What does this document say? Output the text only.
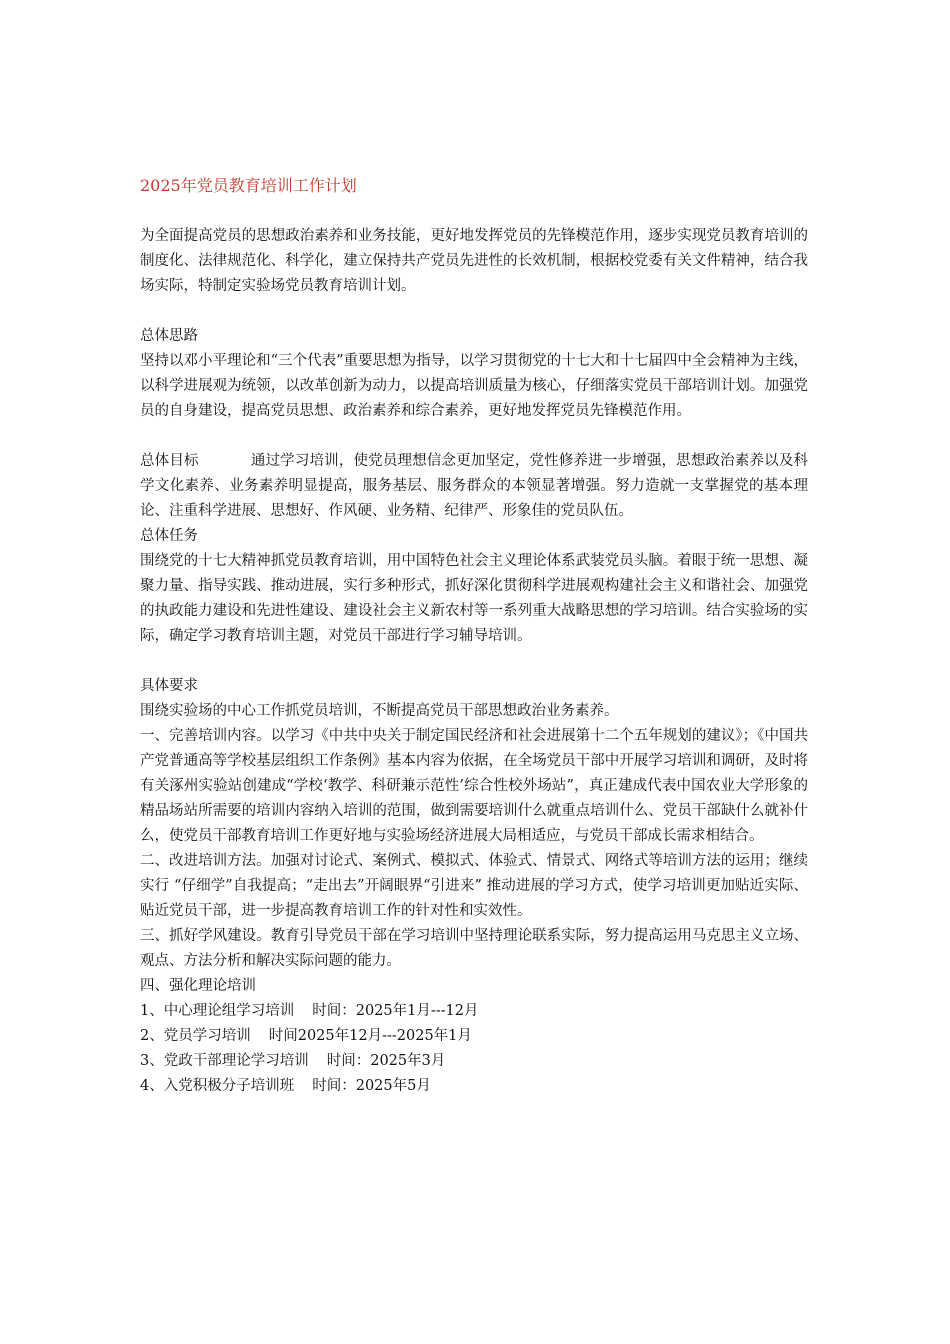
2025年党员教育培训工作计划

为全面提高党员的思想政治素养和业务技能，更好地发挥党员的先锋模范作用，逐步实现党员教育培训的制度化、法律规范化、科学化，建立保持共产党员先进性的长效机制，根据校党委有关文件精神，结合我场实际，特制定实验场党员教育培训计划。

总体思路

坚持以邓小平理论和“三个代表”重要思想为指导，以学习贯彻党的十七大和十七届四中全会精神为主线，以科学进展观为统领，以改革创新为动力，以提高培训质量为核心，仔细落实党员干部培训计划。加强党员的自身建设，提高党员思想、政治素养和综合素养，更好地发挥党员先锋模范作用。

总体目标	通过学习培训，使党员理想信念更加坚定，党性修养进一步增强，思想政治素养以及科学文化素养、业务素养明显提高，服务基层、服务群众的本领显著增强。努力造就一支掌握党的基本理论、注重科学进展、思想好、作风硬、业务精、纪律严、形象佳的党员队伍。

总体任务

围绕党的十七大精神抓党员教育培训，用中国特色社会主义理论体系武装党员头脑。着眼于统一思想、凝聚力量、指导实践、推动进展，实行多种形式，抓好深化贯彻科学进展观构建社会主义和谐社会、加强党的执政能力建设和先进性建设、建设社会主义新农村等一系列重大战略思想的学习培训。结合实验场的实际，确定学习教育培训主题，对党员干部进行学习辅导培训。

具体要求

围绕实验场的中心工作抓党员培训，不断提高党员干部思想政治业务素养。

一、完善培训内容。以学习《中共中央关于制定国民经济和社会进展第十二个五年规划的建议》；《中国共产党普通高等学校基层组织工作条例》基本内容为依据，在全场党员干部中开展学习培训和调研，及时将有关涿州实验站创建成“学校‘教学、科研兼示范性’综合性校外场站”，真正建成代表中国农业大学形象的精品场站所需要的培训内容纳入培训的范围，做到需要培训什么就重点培训什么、党员干部缺什么就补什么，使党员干部教育培训工作更好地与实验场经济进展大局相适应，与党员干部成长需求相结合。

二、改进培训方法。加强对讨论式、案例式、模拟式、体验式、情景式、网络式等培训方法的运用；继续实行 “仔细学”自我提高；“走出去”开阔眼界“引进来” 推动进展的学习方式，使学习培训更加贴近实际、贴近党员干部，进一步提高教育培训工作的针对性和实效性。

三、抓好学风建设。教育引导党员干部在学习培训中坚持理论联系实际，努力提高运用马克思主义立场、观点、方法分析和解决实际问题的能力。

四、强化理论培训

1、中心理论组学习培训 时间：2025年1月---12月

2、党员学习培训 时间2025年12月---2025年1月

3、党政干部理论学习培训 时间：2025年3月

4、入党积极分子培训班 时间：2025年5月
